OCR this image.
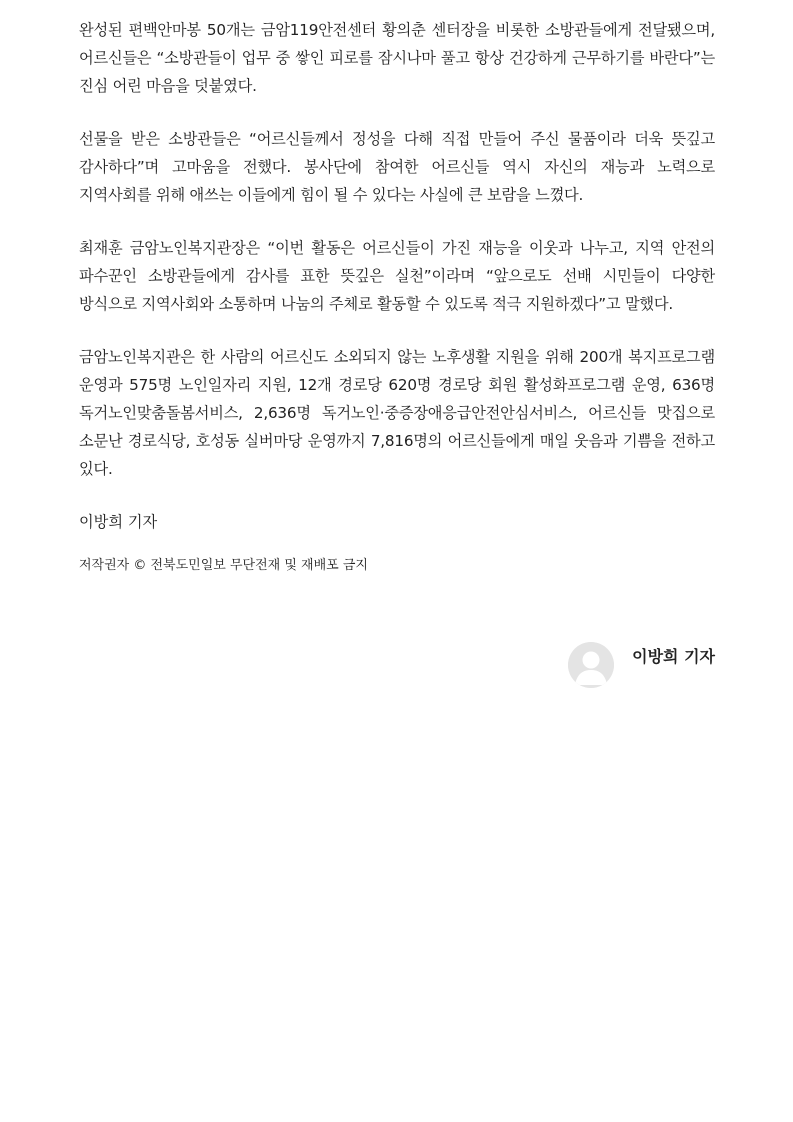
완성된 편백안마봉 50개는 금암119안전센터 황의춘 센터장을 비롯한 소방관들에게 전달됐으며, 어르신들은 “소방관들이 업무 중 쌓인 피로를 잠시나마 풀고 항상 건강하게 근무하기를 바란다”는 진심 어린 마음을 덧붙였다.

선물을 받은 소방관들은 “어르신들께서 정성을 다해 직접 만들어 주신 물품이라 더욱 뜻깊고 감사하다”며 고마움을 전했다. 봉사단에 참여한 어르신들 역시 자신의 재능과 노력으로 지역사회를 위해 애쓰는 이들에게 힘이 될 수 있다는 사실에 큰 보람을 느꼈다.

최재훈 금암노인복지관장은 “이번 활동은 어르신들이 가진 재능을 이웃과 나누고, 지역 안전의 파수꾼인 소방관들에게 감사를 표한 뜻깊은 실천”이라며 “앞으로도 선배 시민들이 다양한 방식으로 지역사회와 소통하며 나눔의 주체로 활동할 수 있도록 적극 지원하겠다”고 말했다.

금암노인복지관은 한 사람의 어르신도 소외되지 않는 노후생활 지원을 위해 200개 복지프로그램 운영과 575명 노인일자리 지원, 12개 경로당 620명 경로당 회원 활성화프로그램 운영, 636명 독거노인맞춤돌봄서비스, 2,636명 독거노인·중증장애응급안전안심서비스, 어르신들 맛집으로 소문난 경로식당, 호성동 실버마당 운영까지 7,816명의 어르신들에게 매일 웃음과 기쁨을 전하고 있다.

이방희 기자

저작권자 © 전북도민일보 무단전재 및 재배포 금지

이방희 기자
